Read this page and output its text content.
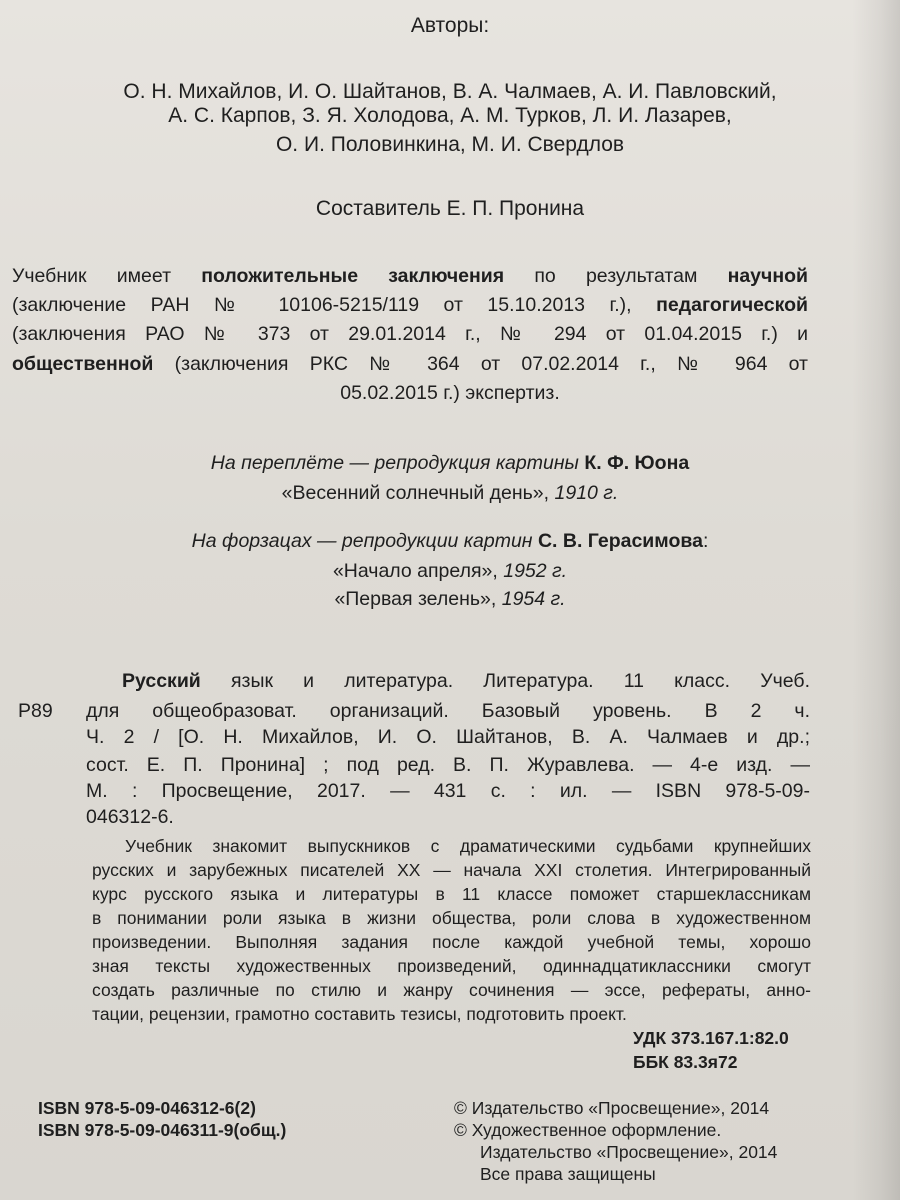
Авторы:
О. Н. Михайлов, И. О. Шайтанов, В. А. Чалмаев, А. И. Павловский,
А. С. Карпов, З. Я. Холодова, А. М. Турков, Л. И. Лазарев,
О. И. Половинкина, М. И. Свердлов
Составитель Е. П. Пронина
Учебник имеет положительные заключения по результатам научной
(заключение РАН № 10106-5215/119 от 15.10.2013 г.), педагогической
(заключения РАО № 373 от 29.01.2014 г., № 294 от 01.04.2015 г.) и
общественной (заключения РКС № 364 от 07.02.2014 г., № 964 от
05.02.2015 г.) экспертиз.
На переплёте — репродукция картины К. Ф. Юона
«Весенний солнечный день», 1910 г.
На форзацах — репродукции картин С. В. Герасимова:
«Начало апреля», 1952 г.
«Первая зелень», 1954 г.
Русский язык и литература. Литература. 11 класс. Учеб.
Р89 для общеобразоват. организаций. Базовый уровень. В 2 ч.
Ч. 2 / [О. Н. Михайлов, И. О. Шайтанов, В. А. Чалмаев и др.;
сост. Е. П. Пронина] ; под ред. В. П. Журавлева. — 4-е изд. —
М. : Просвещение, 2017. — 431 с. : ил. — ISBN 978-5-09-
046312-6.
Учебник знакомит выпускников с драматическими судьбами крупнейших
русских и зарубежных писателей XX — начала XXI столетия. Интегрированный
курс русского языка и литературы в 11 классе поможет старшеклассникам
в понимании роли языка в жизни общества, роли слова в художественном
произведении. Выполняя задания после каждой учебной темы, хорошо
зная тексты художественных произведений, одиннадцатиклассники смогут
создать различные по стилю и жанру сочинения — эссе, рефераты, анно-
тации, рецензии, грамотно составить тезисы, подготовить проект.
УДК 373.167.1:82.0
ББК 83.3я72
ISBN 978-5-09-046312-6(2)
ISBN 978-5-09-046311-9(общ.)
© Издательство «Просвещение», 2014
© Художественное оформление.
Издательство «Просвещение», 2014
Все права защищены
